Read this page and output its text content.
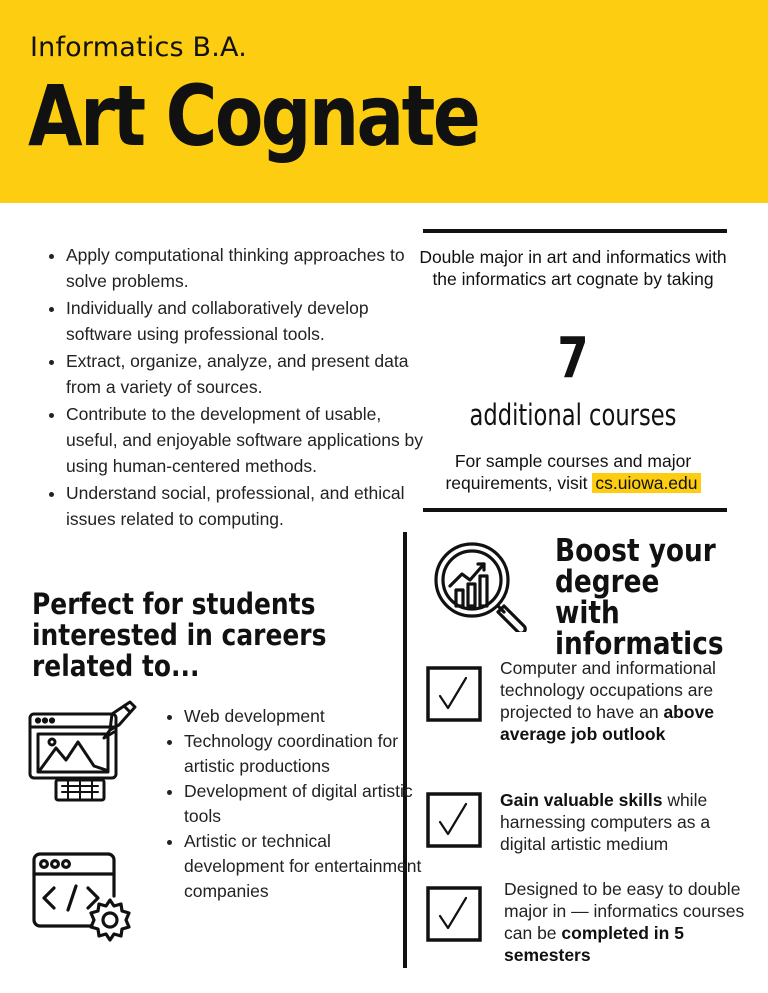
Informatics B.A.
Art Cognate
• Apply computational thinking approaches to solve problems.
• Individually and collaboratively develop software using professional tools.
• Extract, organize, analyze, and present data from a variety of sources.
• Contribute to the development of usable, useful, and enjoyable software applications by using human-centered methods.
• Understand social, professional, and ethical issues related to computing.
Double major in art and informatics with the informatics art cognate by taking
7
additional courses
For sample courses and major requirements, visit cs.uiowa.edu
Perfect for students interested in careers related to...
• Web development
• Technology coordination for artistic productions
• Development of digital artistic tools
• Artistic or technical development for entertainment companies
Boost your degree with informatics
Computer and informational technology occupations are projected to have an above average job outlook
Gain valuable skills while harnessing computers as a digital artistic medium
Designed to be easy to double major in — informatics courses can be completed in 5 semesters
